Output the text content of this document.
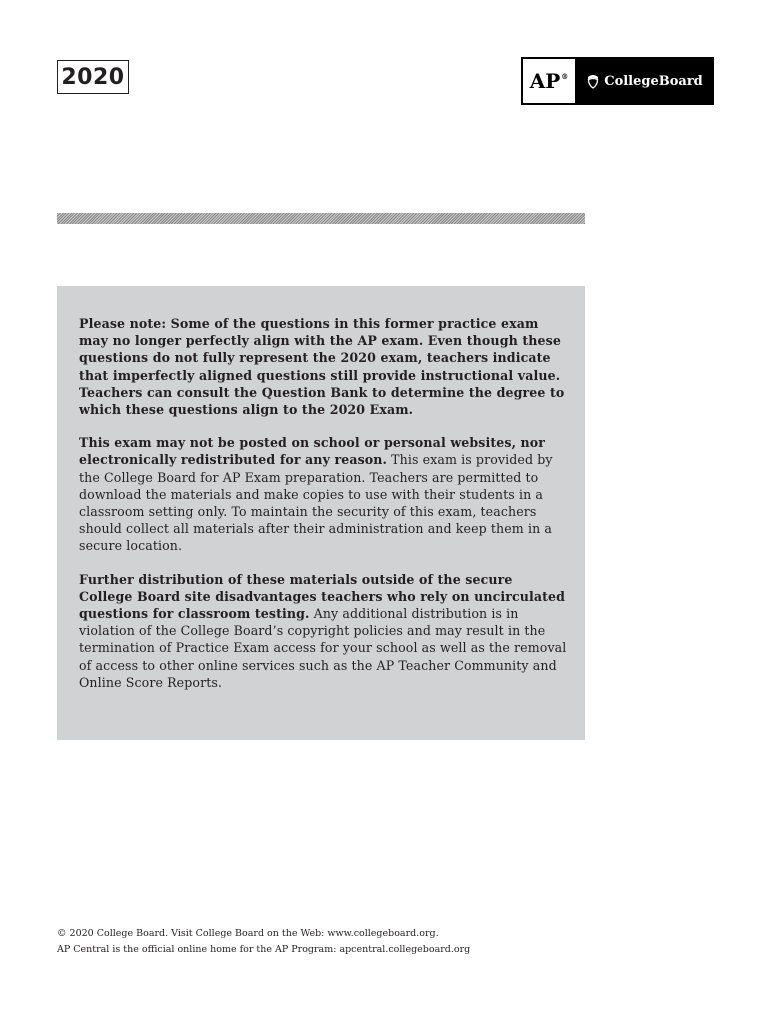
2020	AP®	CollegeBoard

Please note: Some of the questions in this former practice exam may no longer perfectly align with the AP exam. Even though these questions do not fully represent the 2020 exam, teachers indicate that imperfectly aligned questions still provide instructional value. Teachers can consult the Question Bank to determine the degree to which these questions align to the 2020 Exam.

This exam may not be posted on school or personal websites, nor electronically redistributed for any reason. This exam is provided by the College Board for AP Exam preparation. Teachers are permitted to download the materials and make copies to use with their students in a classroom setting only. To maintain the security of this exam, teachers should collect all materials after their administration and keep them in a secure location.

Further distribution of these materials outside of the secure College Board site disadvantages teachers who rely on uncirculated questions for classroom testing. Any additional distribution is in violation of the College Board’s copyright policies and may result in the termination of Practice Exam access for your school as well as the removal of access to other online services such as the AP Teacher Community and Online Score Reports.

© 2020 College Board. Visit College Board on the Web: www.collegeboard.org.
AP Central is the official online home for the AP Program: apcentral.collegeboard.org
